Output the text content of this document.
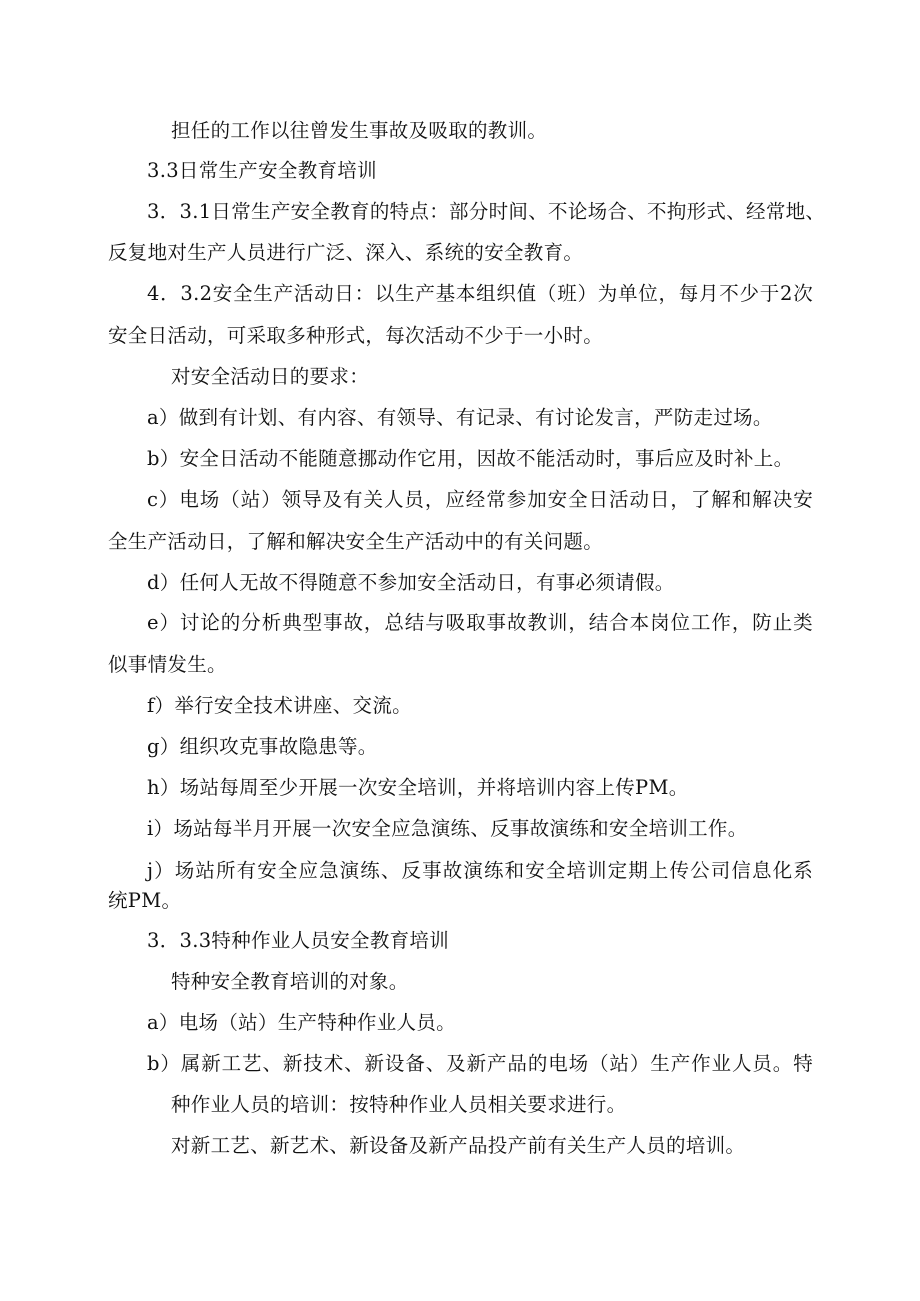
担任的工作以往曾发生事故及吸取的教训。
3.3日常生产安全教育培训
3．3.1日常生产安全教育的特点：部分时间、不论场合、不拘形式、经常地、
反复地对生产人员进行广泛、深入、系统的安全教育。
4．3.2安全生产活动日：以生产基本组织值（班）为单位，每月不少于2次
安全日活动，可采取多种形式，每次活动不少于一小时。
对安全活动日的要求：
a）做到有计划、有内容、有领导、有记录、有讨论发言，严防走过场。
b）安全日活动不能随意挪动作它用，因故不能活动时，事后应及时补上。
c）电场（站）领导及有关人员，应经常参加安全日活动日，了解和解决安
全生产活动日，了解和解决安全生产活动中的有关问题。
d）任何人无故不得随意不参加安全活动日，有事必须请假。
e）讨论的分析典型事故，总结与吸取事故教训，结合本岗位工作，防止类
似事情发生。
f）举行安全技术讲座、交流。
g）组织攻克事故隐患等。
h）场站每周至少开展一次安全培训，并将培训内容上传PM。
i）场站每半月开展一次安全应急演练、反事故演练和安全培训工作。
j）场站所有安全应急演练、反事故演练和安全培训定期上传公司信息化系
统PM。
3．3.3特种作业人员安全教育培训
特种安全教育培训的对象。
a）电场（站）生产特种作业人员。
b）属新工艺、新技术、新设备、及新产品的电场（站）生产作业人员。特
种作业人员的培训：按特种作业人员相关要求进行。
对新工艺、新艺术、新设备及新产品投产前有关生产人员的培训。
